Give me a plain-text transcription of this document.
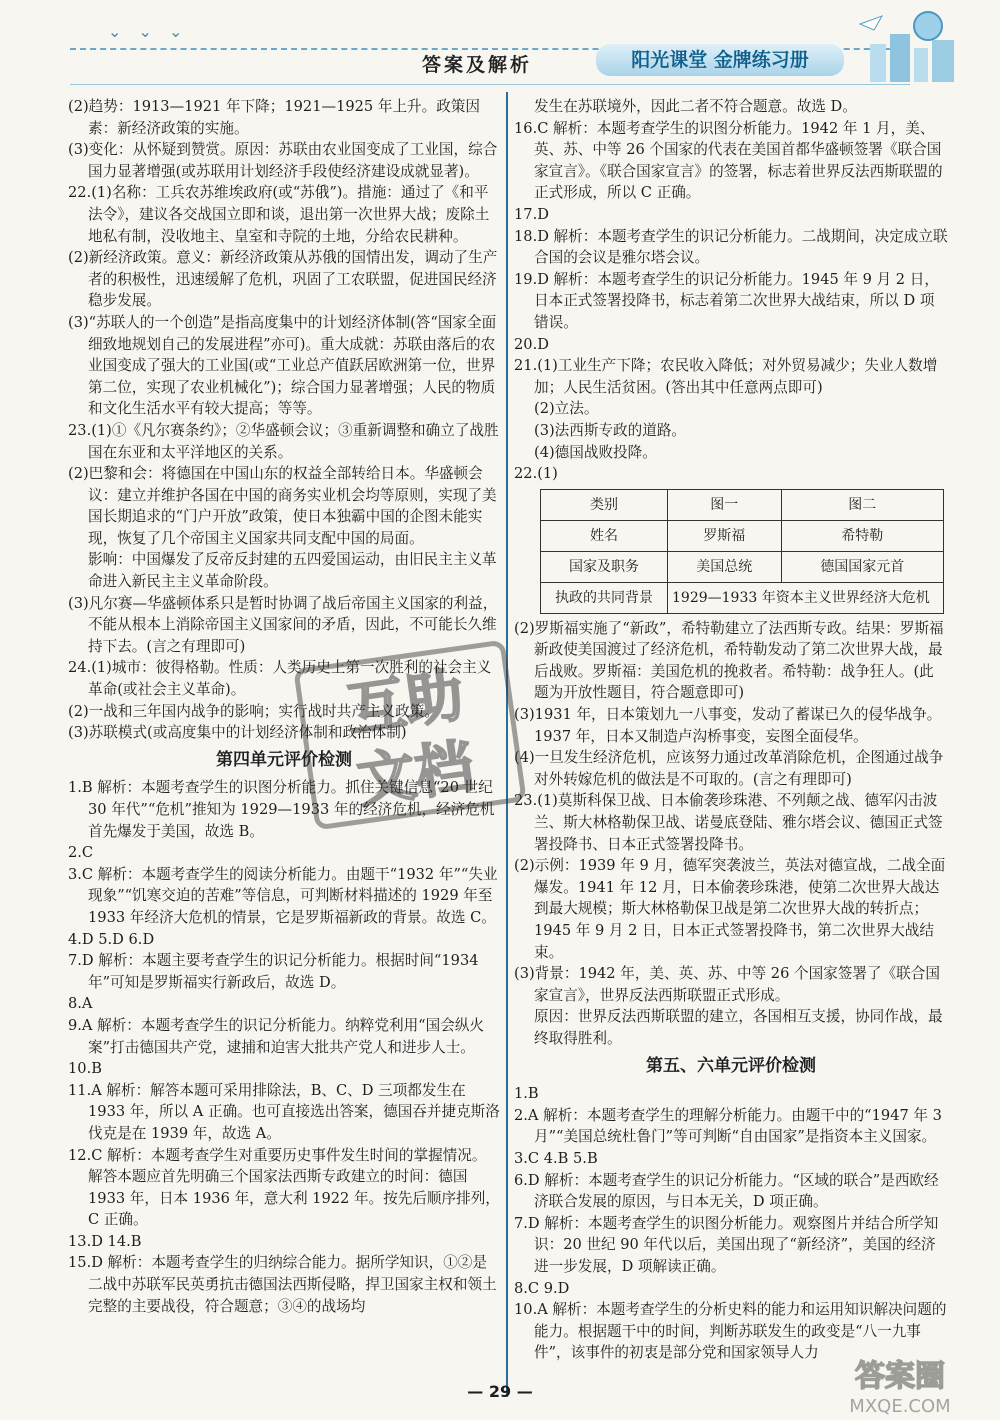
⌄ ⌄ ⌄
答案及解析	阳光课堂 金牌练习册

(2)趋势：1913—1921 年下降；1921—1925 年上升。政策因素：新经济政策的实施。

(3)变化：从怀疑到赞赏。原因：苏联由农业国变成了工业国，综合国力显著增强(或苏联用计划经济手段使经济建设成就显著)。

22.(1)名称：工兵农苏维埃政府(或“苏俄”)。措施：通过了《和平法令》，建议各交战国立即和谈，退出第一次世界大战；废除土地私有制，没收地主、皇室和寺院的土地，分给农民耕种。

(2)新经济政策。意义：新经济政策从苏俄的国情出发，调动了生产者的积极性，迅速缓解了危机，巩固了工农联盟，促进国民经济稳步发展。

(3)“苏联人的一个创造”是指高度集中的计划经济体制(答“国家全面细致地规划自己的发展进程”亦可)。重大成就：苏联由落后的农业国变成了强大的工业国(或“工业总产值跃居欧洲第一位，世界第二位，实现了农业机械化”)；综合国力显著增强；人民的物质和文化生活水平有较大提高；等等。

23.(1)①《凡尔赛条约》；②华盛顿会议；③重新调整和确立了战胜国在东亚和太平洋地区的关系。

(2)巴黎和会：将德国在中国山东的权益全部转给日本。华盛顿会议：建立并维护各国在中国的商务实业机会均等原则，实现了美国长期追求的“门户开放”政策，使日本独霸中国的企图未能实现，恢复了几个帝国主义国家共同支配中国的局面。

影响：中国爆发了反帝反封建的五四爱国运动，由旧民主主义革命进入新民主主义革命阶段。

(3)凡尔赛—华盛顿体系只是暂时协调了战后帝国主义国家的利益，不能从根本上消除帝国主义国家间的矛盾，因此，不可能长久维持下去。(言之有理即可)

24.(1)城市：彼得格勒。性质：人类历史上第一次胜利的社会主义革命(或社会主义革命)。

(2)一战和三年国内战争的影响；实行战时共产主义政策。

(3)苏联模式(或高度集中的计划经济体制和政治体制)

第四单元评价检测

1.B 解析：本题考查学生的识图分析能力。抓住关键信息“20 世纪 30 年代”“危机”推知为 1929—1933 年的经济危机，经济危机首先爆发于美国，故选 B。

2.C

3.C 解析：本题考查学生的阅读分析能力。由题干“1932 年”“失业现象”“饥寒交迫的苦难”等信息，可判断材料描述的 1929 年至 1933 年经济大危机的情景，它是罗斯福新政的背景。故选 C。

4.D 5.D 6.D

7.D 解析：本题主要考查学生的识记分析能力。根据时间“1934 年”可知是罗斯福实行新政后，故选 D。

8.A

9.A 解析：本题考查学生的识记分析能力。纳粹党利用“国会纵火案”打击德国共产党，逮捕和迫害大批共产党人和进步人士。

10.B

11.A 解析：解答本题可采用排除法，B、C、D 三项都发生在 1933 年，所以 A 正确。也可直接选出答案，德国吞并捷克斯洛伐克是在 1939 年，故选 A。

12.C 解析：本题考查学生对重要历史事件发生时间的掌握情况。解答本题应首先明确三个国家法西斯专政建立的时间：德国 1933 年，日本 1936 年，意大利 1922 年。按先后顺序排列，C 正确。

13.D 14.B

15.D 解析：本题考查学生的归纳综合能力。据所学知识，①②是二战中苏联军民英勇抗击德国法西斯侵略，捍卫国家主权和领土完整的主要战役，符合题意；③④的战场均

发生在苏联境外，因此二者不符合题意。故选 D。

16.C 解析：本题考查学生的识图分析能力。1942 年 1 月，美、英、苏、中等 26 个国家的代表在美国首都华盛顿签署《联合国家宣言》。《联合国家宣言》的签署，标志着世界反法西斯联盟的正式形成，所以 C 正确。

17.D

18.D 解析：本题考查学生的识记分析能力。二战期间，决定成立联合国的会议是雅尔塔会议。

19.D 解析：本题考查学生的识记分析能力。1945 年 9 月 2 日，日本正式签署投降书，标志着第二次世界大战结束，所以 D 项错误。

20.D

21.(1)工业生产下降；农民收入降低；对外贸易减少；失业人数增加；人民生活贫困。(答出其中任意两点即可)

(2)立法。

(3)法西斯专政的道路。

(4)德国战败投降。

22.(1)

类别	图一	图二
姓名	罗斯福	希特勒
国家及职务	美国总统	德国国家元首
执政的共同背景	1929—1933 年资本主义世界经济大危机	

(2)罗斯福实施了“新政”，希特勒建立了法西斯专政。结果：罗斯福新政使美国渡过了经济危机，希特勒发动了第二次世界大战，最后战败。罗斯福：美国危机的挽救者。希特勒：战争狂人。(此题为开放性题目，符合题意即可)

(3)1931 年，日本策划九一八事变，发动了蓄谋已久的侵华战争。1937 年，日本又制造卢沟桥事变，妄图全面侵华。

(4)一旦发生经济危机，应该努力通过改革消除危机，企图通过战争对外转嫁危机的做法是不可取的。(言之有理即可)

23.(1)莫斯科保卫战、日本偷袭珍珠港、不列颠之战、德军闪击波兰、斯大林格勒保卫战、诺曼底登陆、雅尔塔会议、德国正式签署投降书、日本正式签署投降书。

(2)示例：1939 年 9 月，德军突袭波兰，英法对德宣战，二战全面爆发。1941 年 12 月，日本偷袭珍珠港，使第二次世界大战达到最大规模；斯大林格勒保卫战是第二次世界大战的转折点；1945 年 9 月 2 日，日本正式签署投降书，第二次世界大战结束。

(3)背景：1942 年，美、英、苏、中等 26 个国家签署了《联合国家宣言》，世界反法西斯联盟正式形成。

原因：世界反法西斯联盟的建立，各国相互支援，协同作战，最终取得胜利。

第五、六单元评价检测

1.B

2.A 解析：本题考查学生的理解分析能力。由题干中的“1947 年 3 月”“美国总统杜鲁门”等可判断“自由国家”是指资本主义国家。

3.C 4.B 5.B

6.D 解析：本题考查学生的识记分析能力。“区域的联合”是西欧经济联合发展的原因，与日本无关，D 项正确。

7.D 解析：本题考查学生的识图分析能力。观察图片并结合所学知识：20 世纪 90 年代以后，美国出现了“新经济”，美国的经济进一步发展，D 项解读正确。

8.C 9.D

10.A 解析：本题考查学生的分析史料的能力和运用知识解决问题的能力。根据题干中的时间，判断苏联发生的政变是“八一九事件”，该事件的初衷是部分党和国家领导人力

互助
文档
— 29 —	答案圈
MXQE.COM
